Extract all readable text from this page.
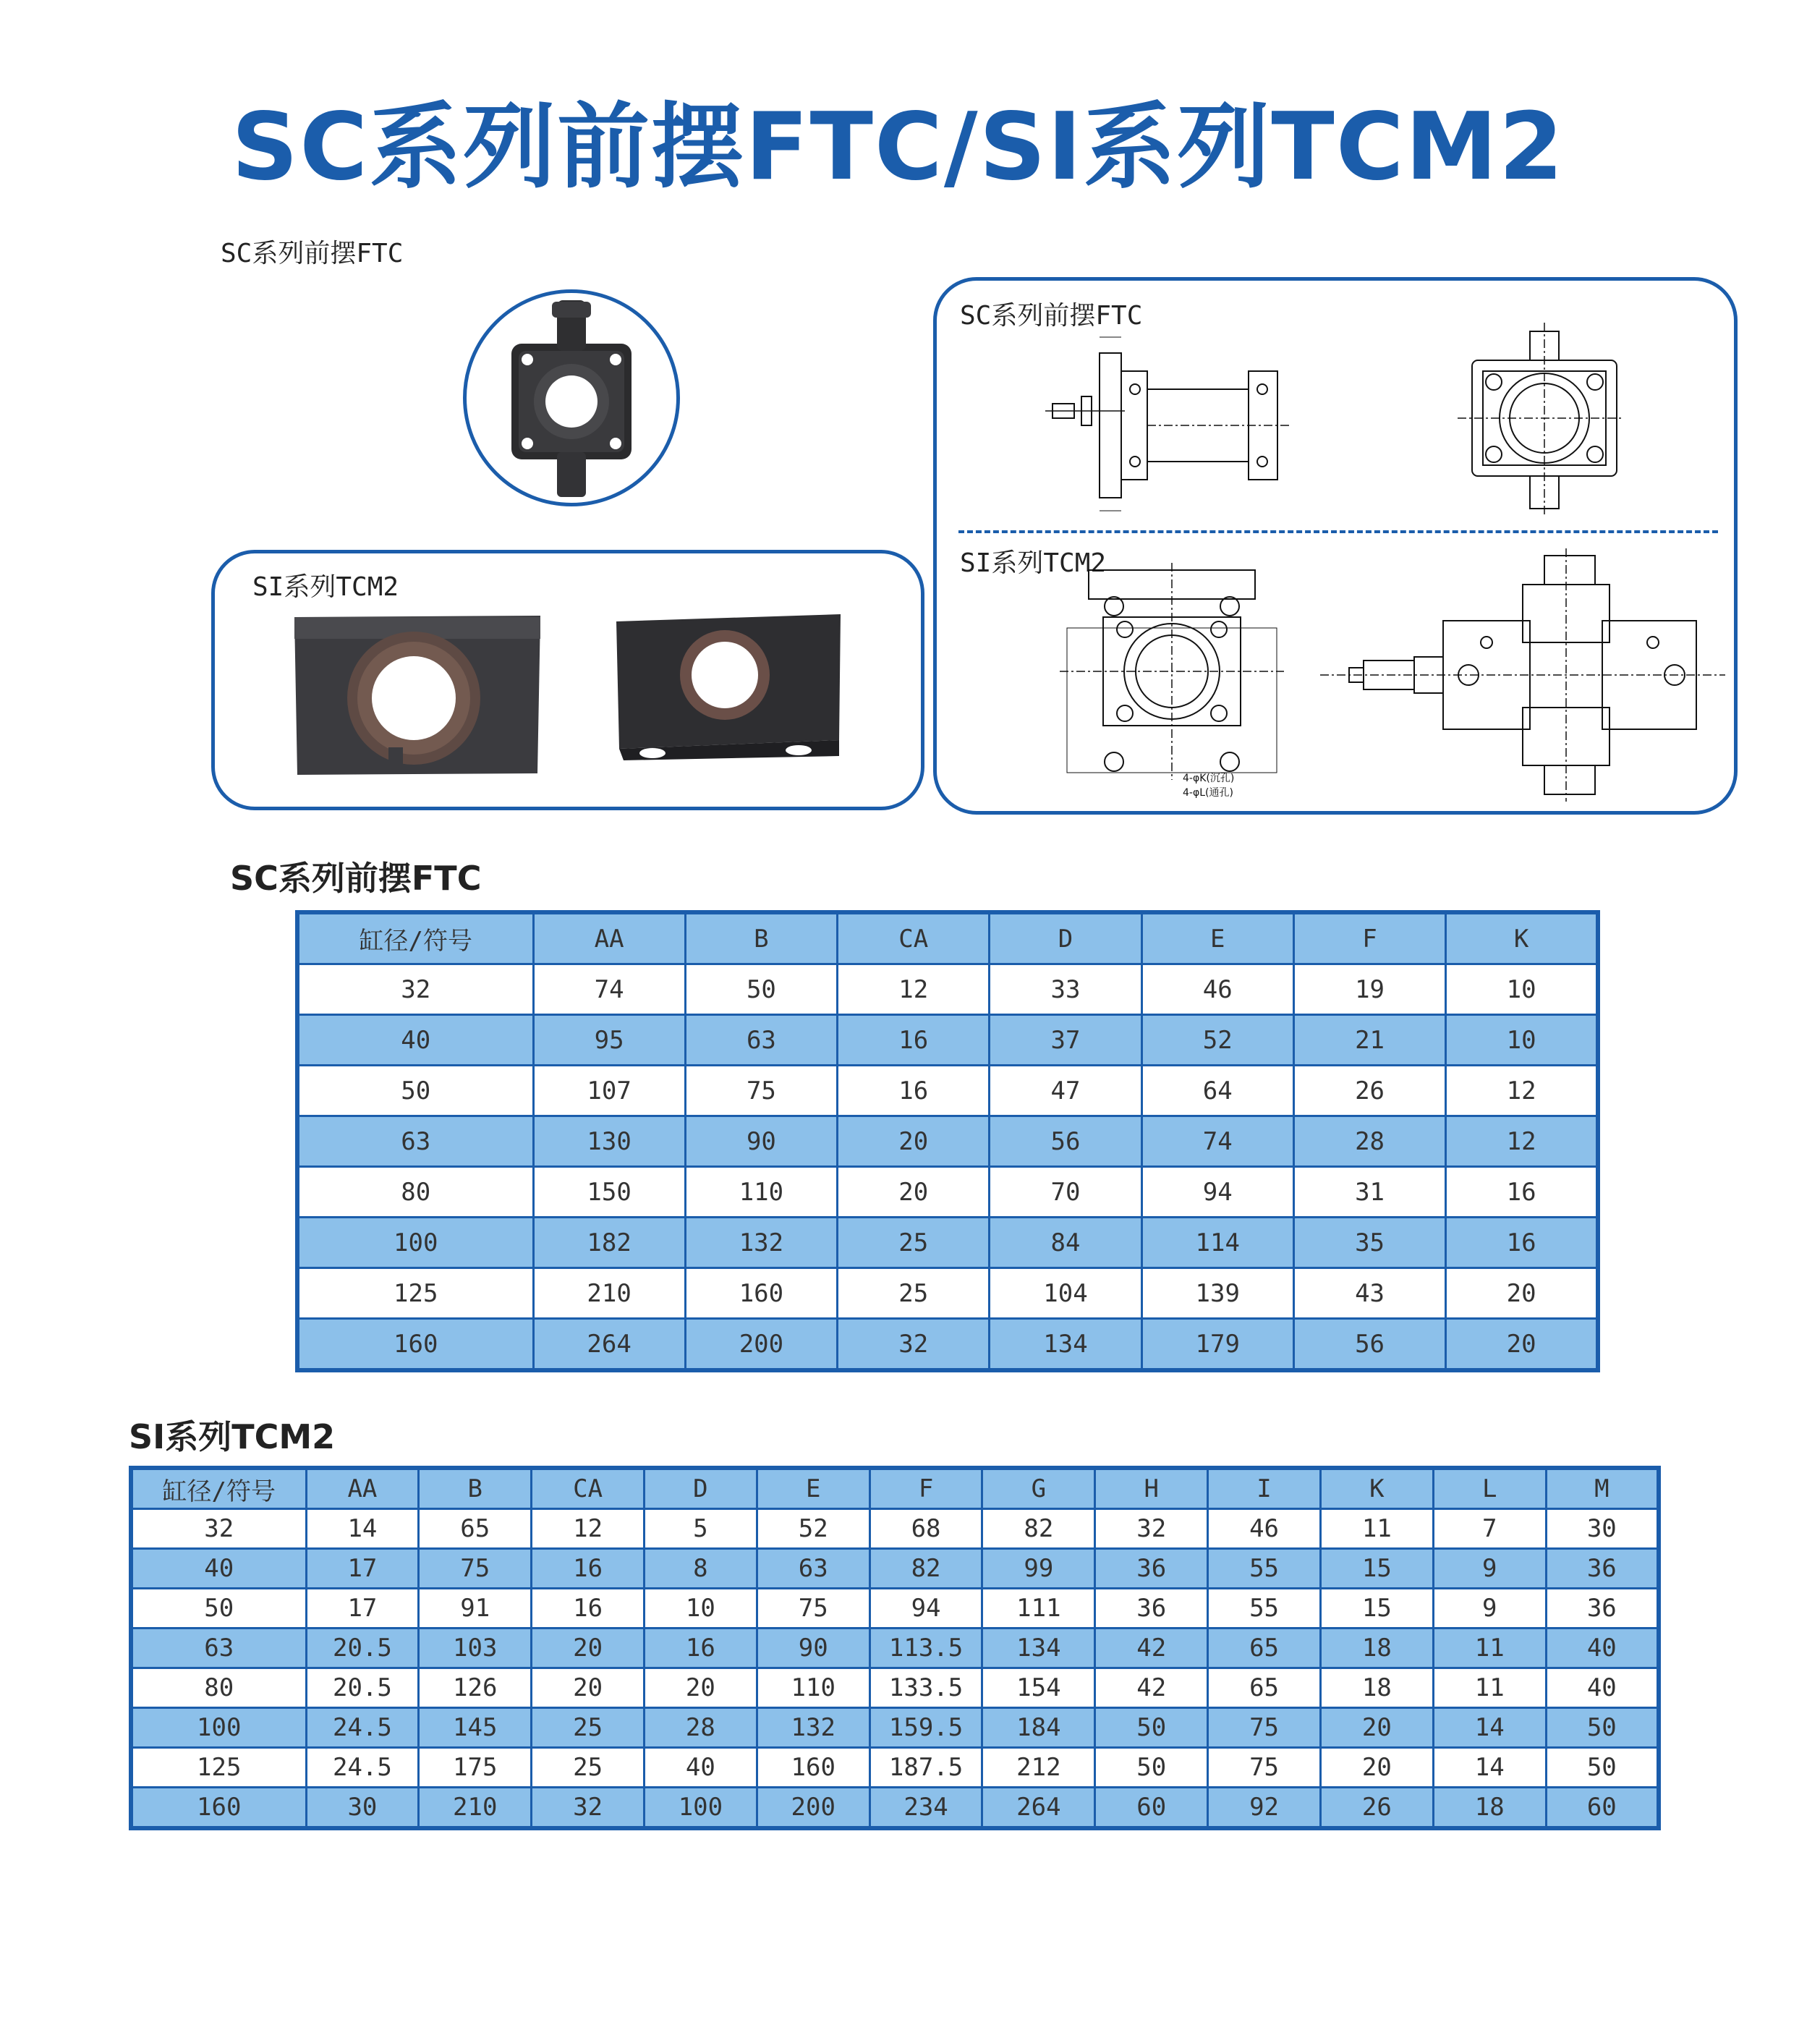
SC系列前摆FTC/SI系列TCM2
SC系列前摆FTC
SI系列TCM2
SC系列前摆FTC
SI系列TCM2
4-φK(沉孔)
4-φL(通孔)
SC系列前摆FTC
缸径/符号	AA	B	CA	D	E	F	K
32	74	50	12	33	46	19	10
40	95	63	16	37	52	21	10
50	107	75	16	47	64	26	12
63	130	90	20	56	74	28	12
80	150	110	20	70	94	31	16
100	182	132	25	84	114	35	16
125	210	160	25	104	139	43	20
160	264	200	32	134	179	56	20
SI系列TCM2
缸径/符号	AA	B	CA	D	E	F	G	H	I	K	L	M
32	14	65	12	5	52	68	82	32	46	11	7	30
40	17	75	16	8	63	82	99	36	55	15	9	36
50	17	91	16	10	75	94	111	36	55	15	9	36
63	20.5	103	20	16	90	113.5	134	42	65	18	11	40
80	20.5	126	20	20	110	133.5	154	42	65	18	11	40
100	24.5	145	25	28	132	159.5	184	50	75	20	14	50
125	24.5	175	25	40	160	187.5	212	50	75	20	14	50
160	30	210	32	100	200	234	264	60	92	26	18	60
